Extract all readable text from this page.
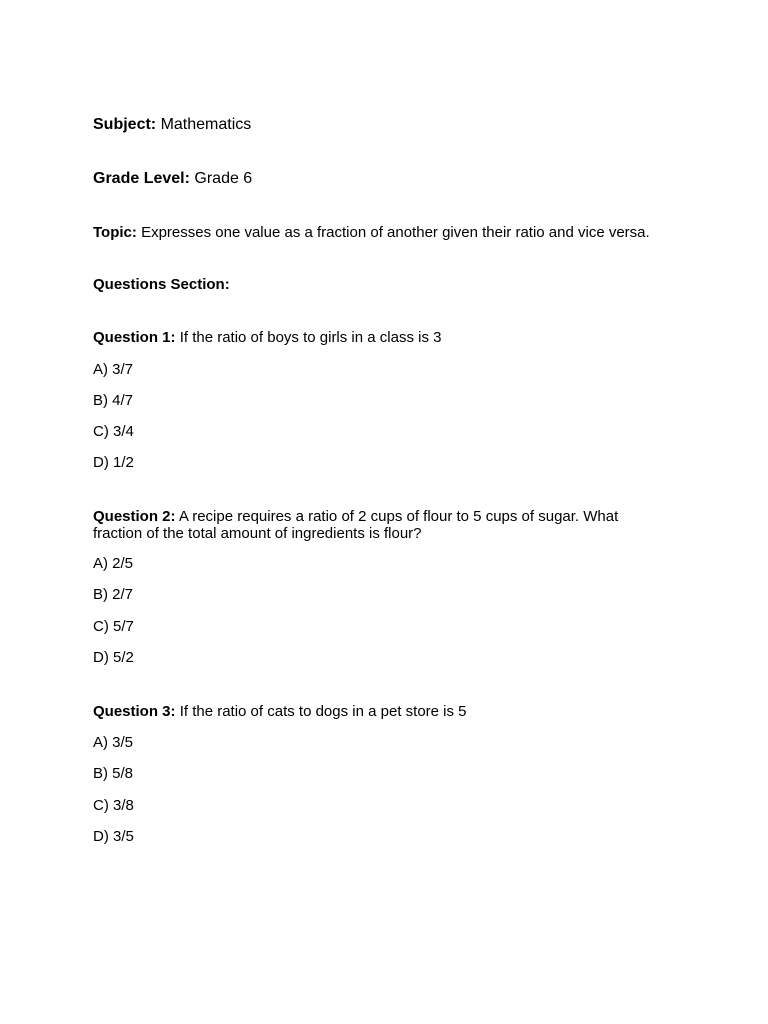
Subject: Mathematics
Grade Level: Grade 6
Topic: Expresses one value as a fraction of another given their ratio and vice versa.
Questions Section:
Question 1: If the ratio of boys to girls in a class is 3
A) 3/7
B) 4/7
C) 3/4
D) 1/2
Question 2: A recipe requires a ratio of 2 cups of flour to 5 cups of sugar. What fraction of the total amount of ingredients is flour?
A) 2/5
B) 2/7
C) 5/7
D) 5/2
Question 3: If the ratio of cats to dogs in a pet store is 5
A) 3/5
B) 5/8
C) 3/8
D) 3/5
